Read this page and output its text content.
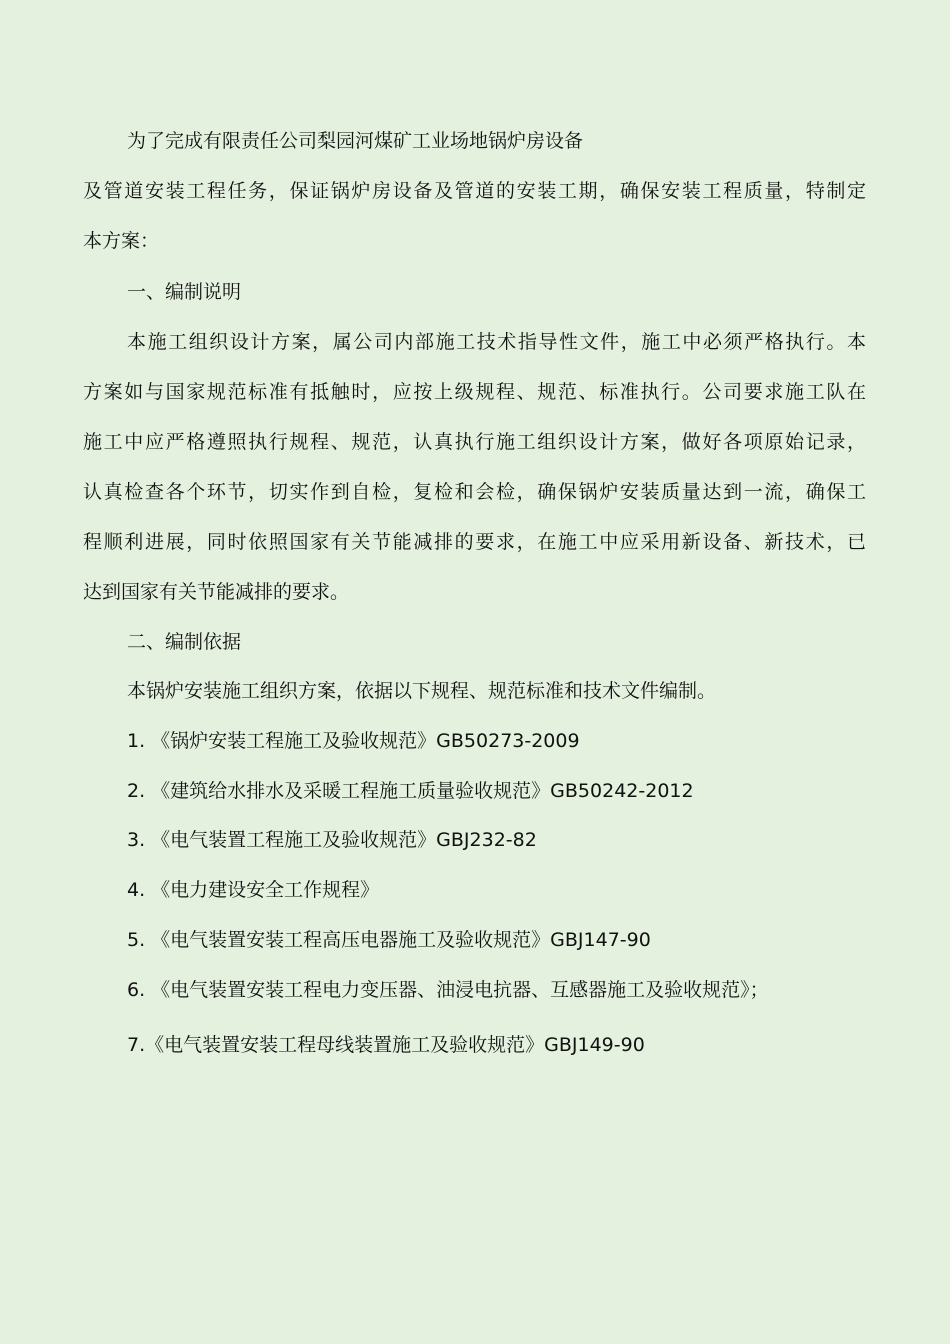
为了完成有限责任公司梨园河煤矿工业场地锅炉房设备
及管道安装工程任务，保证锅炉房设备及管道的安装工期，确保安装工程质量，特制定
本方案：
一、编制说明
本施工组织设计方案，属公司内部施工技术指导性文件，施工中必须严格执行。本
方案如与国家规范标准有抵触时，应按上级规程、规范、标准执行。公司要求施工队在
施工中应严格遵照执行规程、规范，认真执行施工组织设计方案，做好各项原始记录，
认真检查各个环节，切实作到自检，复检和会检，确保锅炉安装质量达到一流，确保工
程顺利进展，同时依照国家有关节能减排的要求，在施工中应采用新设备、新技术，已
达到国家有关节能减排的要求。
二、编制依据
本锅炉安装施工组织方案，依据以下规程、规范标准和技术文件编制。
1. 《锅炉安装工程施工及验收规范》GB50273-2009
2. 《建筑给水排水及采暖工程施工质量验收规范》GB50242-2012
3. 《电气装置工程施工及验收规范》GBJ232-82
4. 《电力建设安全工作规程》
5. 《电气装置安装工程高压电器施工及验收规范》GBJ147-90
6. 《电气装置安装工程电力变压器、油浸电抗器、互感器施工及验收规范》；
7.《电气装置安装工程母线装置施工及验收规范》GBJ149-90
